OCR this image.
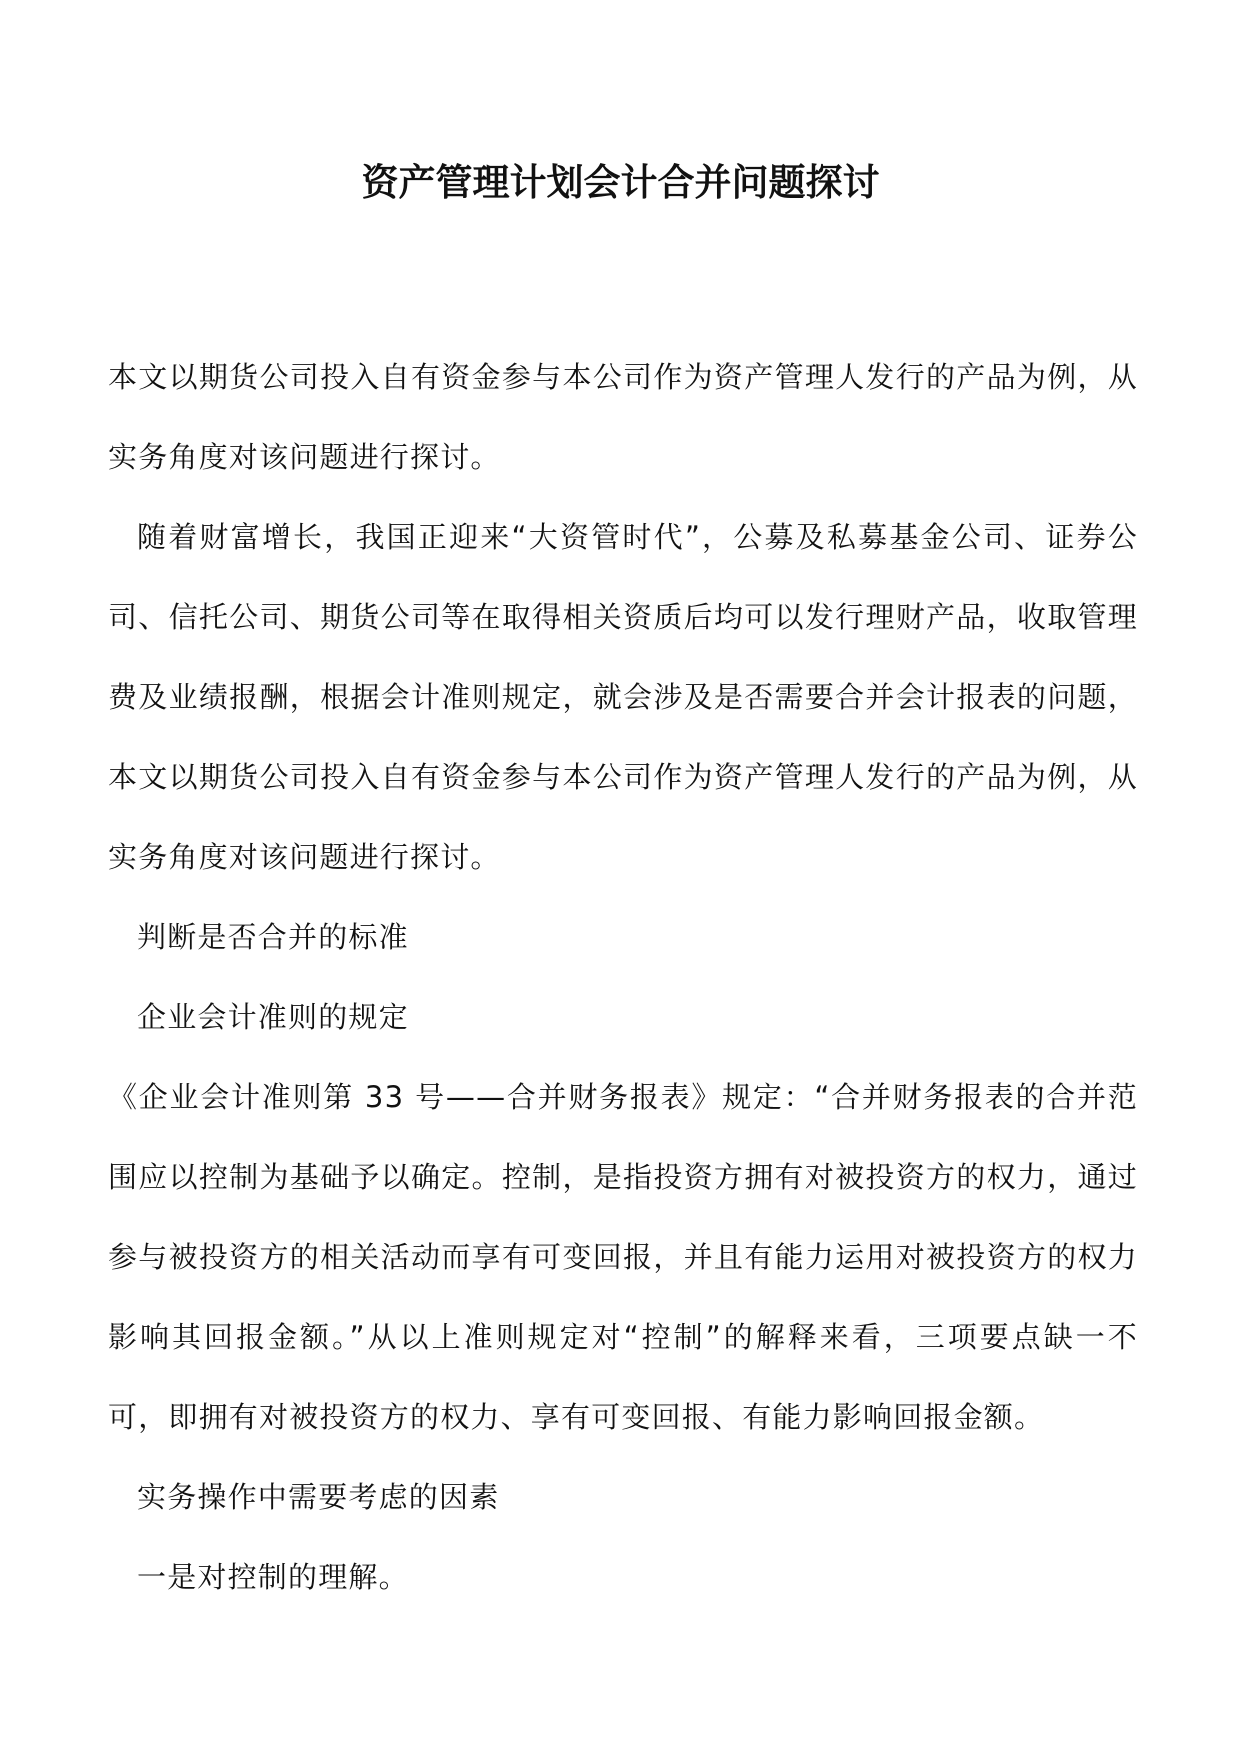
资产管理计划会计合并问题探讨

本文以期货公司投入自有资金参与本公司作为资产管理人发行的产品为例，从实务角度对该问题进行探讨。

随着财富增长，我国正迎来“大资管时代”，公募及私募基金公司、证券公司、信托公司、期货公司等在取得相关资质后均可以发行理财产品，收取管理费及业绩报酬，根据会计准则规定，就会涉及是否需要合并会计报表的问题，本文以期货公司投入自有资金参与本公司作为资产管理人发行的产品为例，从实务角度对该问题进行探讨。

判断是否合并的标准

企业会计准则的规定

《企业会计准则第 33 号——合并财务报表》规定：“合并财务报表的合并范围应以控制为基础予以确定。控制，是指投资方拥有对被投资方的权力，通过参与被投资方的相关活动而享有可变回报，并且有能力运用对被投资方的权力影响其回报金额。”从以上准则规定对“控制”的解释来看，三项要点缺一不可，即拥有对被投资方的权力、享有可变回报、有能力影响回报金额。

实务操作中需要考虑的因素

一是对控制的理解。
